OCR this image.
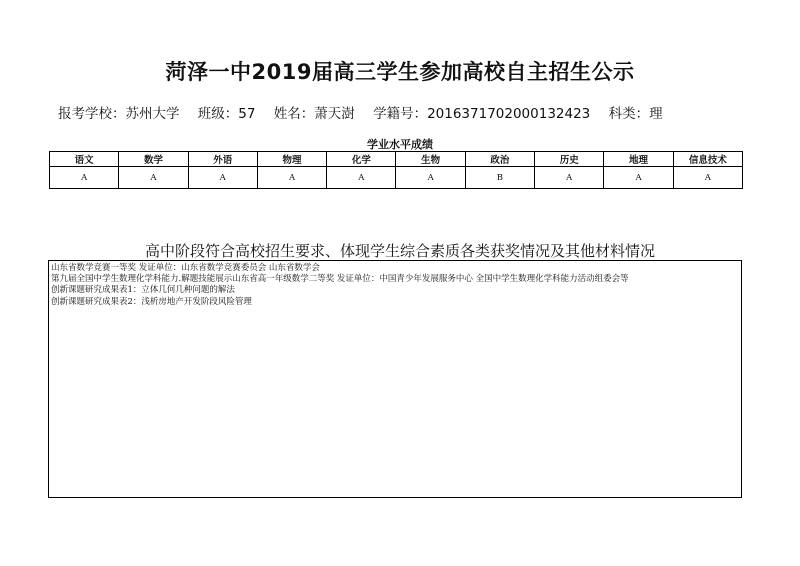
菏泽一中2019届高三学生参加高校自主招生公示
报考学校：苏州大学 班级：57 姓名：萧天澍 学籍号：2016371702000132423 科类：理
学业水平成绩
语文	数学	外语	物理	化学	生物	政治	历史	地理	信息技术
A	A	A	A	A	A	B	A	A	A
高中阶段符合高校招生要求、体现学生综合素质各类获奖情况及其他材料情况
山东省数学竞赛一等奖 发证单位：山东省数学竞赛委员会 山东省数学会
第九届全国中学生数理化学科能力.解题技能展示山东省高一年级数学二等奖 发证单位：中国青少年发展服务中心 全国中学生数理化学科能力活动组委会等
创新课题研究成果表1：立体几何几种问题的解法
创新课题研究成果表2：浅析房地产开发阶段风险管理
